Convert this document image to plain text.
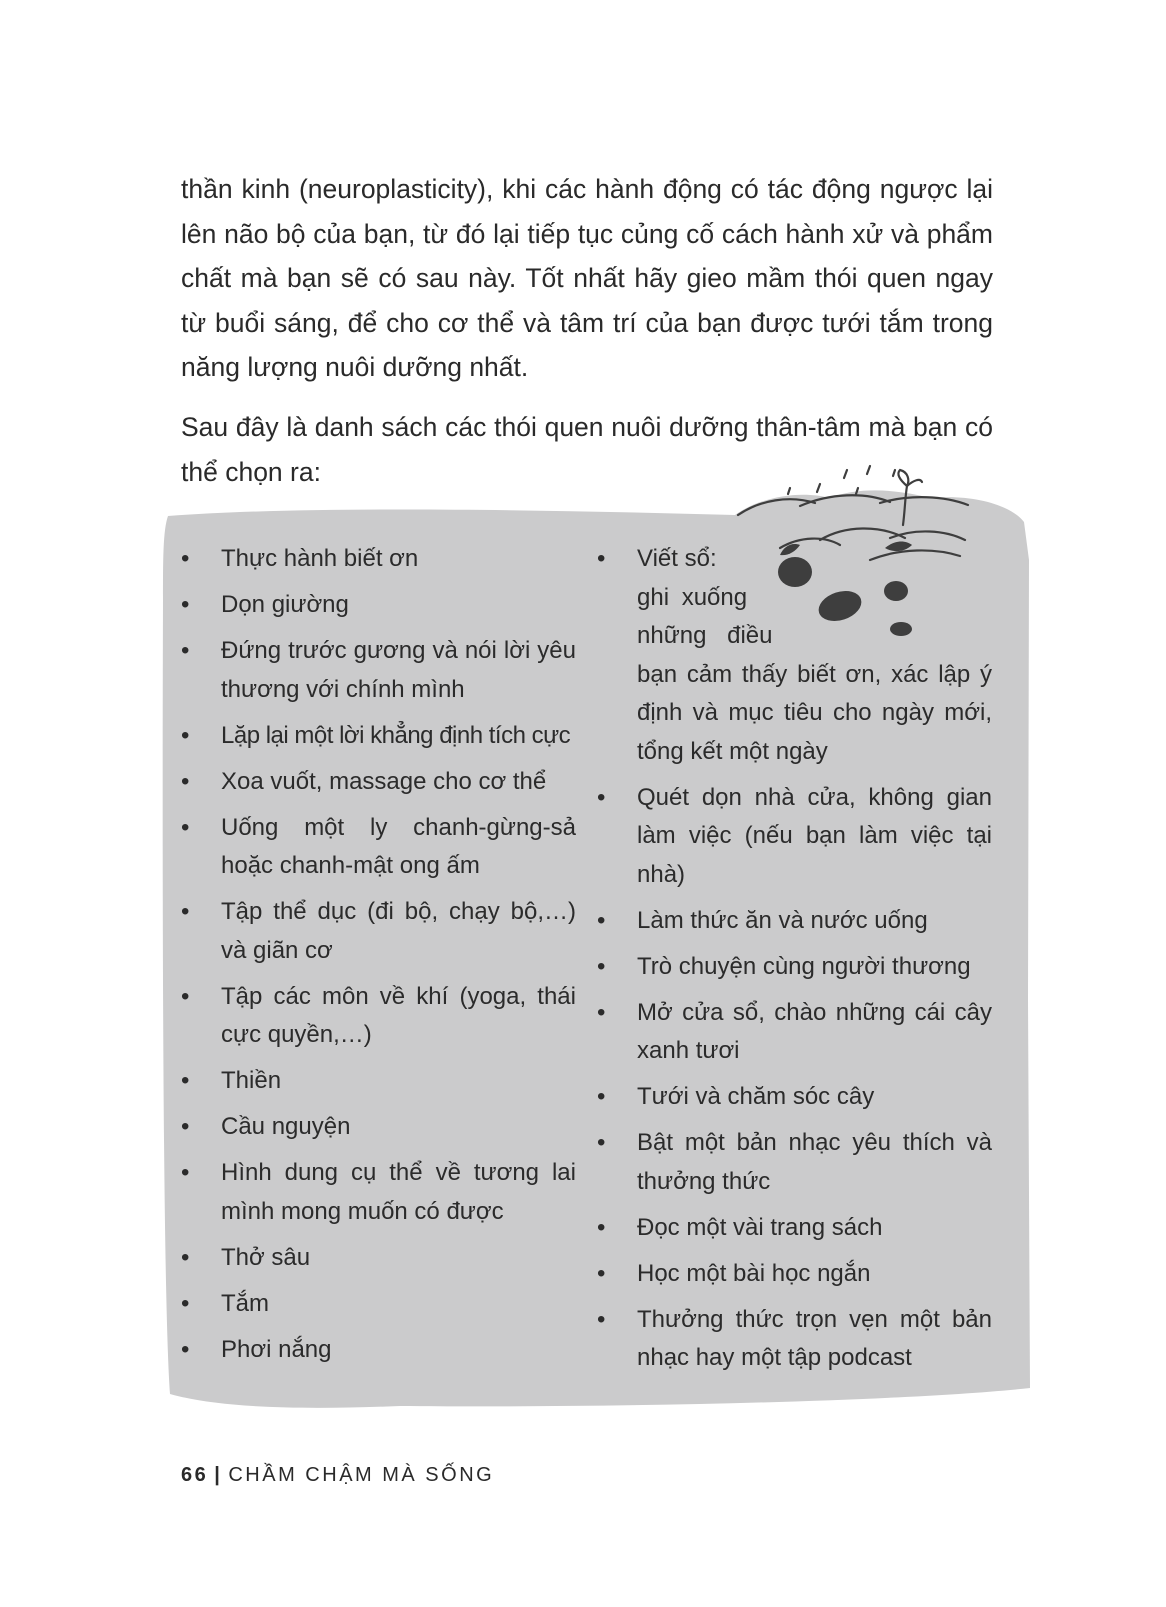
thần kinh (neuroplasticity), khi các hành động có tác động ngược lại lên não bộ của bạn, từ đó lại tiếp tục củng cố cách hành xử và phẩm chất mà bạn sẽ có sau này. Tốt nhất hãy gieo mầm thói quen ngay từ buổi sáng, để cho cơ thể và tâm trí của bạn được tưới tắm trong năng lượng nuôi dưỡng nhất.

Sau đây là danh sách các thói quen nuôi dưỡng thân-tâm mà bạn có thể chọn ra:

• Thực hành biết ơn
• Dọn giường
• Đứng trước gương và nói lời yêu thương với chính mình
• Lặp lại một lời khẳng định tích cực
• Xoa vuốt, massage cho cơ thể
• Uống một ly chanh-gừng-sả hoặc chanh-mật ong ấm
• Tập thể dục (đi bộ, chạy bộ,…) và giãn cơ
• Tập các môn về khí (yoga, thái cực quyền,…)
• Thiền
• Cầu nguyện
• Hình dung cụ thể về tương lai mình mong muốn có được
• Thở sâu
• Tắm
• Phơi nắng
• Viết sổ:
ghi xuống
những điều
bạn cảm thấy biết ơn, xác lập ý định và mục tiêu cho ngày mới, tổng kết một ngày
• Quét dọn nhà cửa, không gian làm việc (nếu bạn làm việc tại nhà)
• Làm thức ăn và nước uống
• Trò chuyện cùng người thương
• Mở cửa sổ, chào những cái cây xanh tươi
• Tưới và chăm sóc cây
• Bật một bản nhạc yêu thích và thưởng thức
• Đọc một vài trang sách
• Học một bài học ngắn
• Thưởng thức trọn vẹn một bản nhạc hay một tập podcast
66 | CHẦM CHẬM MÀ SỐNG
